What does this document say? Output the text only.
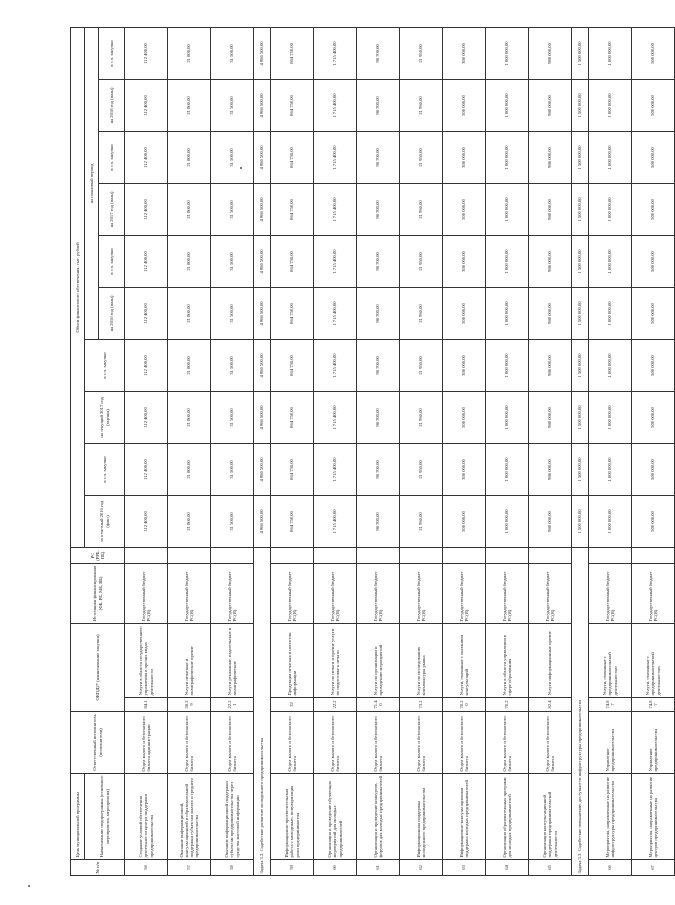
№ п/п	Цель муниципальной программы	Ответственный исполнитель (исполнители)	ОКПД2* (наименование закупки)		Источники финансирования (ФБ, РБ, МБ, ВБ)	РС (РРБ, ПБ)	Объем финансового обеспечения, тыс. рублей									
	Наименование подпрограммы (основного мероприятия, мероприятия)						за отчетный 2016 год (факт)	в т.ч. закупки	на текущий 2017 год (оценка)	в т.ч. закупки	на плановый период					
											на 2016 год (план)	в т.ч. закупки	на 2017 год (план)	в т.ч. закупки	на 2018 год (план)	в т.ч. закупки
56	Создание условий обеспечения деятельности центра поддержки предпринимательства	Отдел малого и безопасного бизнеса администрации	84.1	Услуги в области государственного управления в прочих видах деятельности	Государственный бюджет РС(Я)		112 400,00	112 400,00	112 400,00	112 400,00	112 400,00	112 400,00	112 400,00	112 400,00	112 400,00	112 400,00
57	Оказание информационной, консультационной и образовательной поддержки субъектам малого и среднего предпринимательства	Отдел малого и безопасного бизнеса	58.29	Услуги печатные и полиграфические прочие	Государственный бюджет РС(Я)		21 800,00	21 800,00	21 800,00	21 800,00	21 800,00	21 800,00	21 800,00	21 800,00	21 800,00	21 800,00
58	Оказание информационной поддержки субъектам предпринимательства через средства массовой информации	Отдел малого и безопасного бизнеса	22.21	Услуги рекламные, издательские и полиграфические	Государственный бюджет РС(Я)		31 500,00	31 500,00	31 500,00	31 500,00	31 500,00	31 500,00	31 500,00	31 500,00	31 500,00	31 500,00
Задача 3.2. Содействие развитию молодежного предпринимательства							4 986 500,00	4 986 500,00	4 986 500,00	4 986 500,00	4 986 500,00	4 986 500,00	4 986 500,00	4 986 500,00	4 986 500,00	4 986 500,00
59	Информационно-просветительская работа с молодежью, популяризация роли предпринимателя	Отдел малого и безопасного бизнеса	32	Продукция печатная и носители информации	Государственный бюджет РС(Я)		864 750,00	864 750,00	864 750,00	864 750,00	864 750,00	864 750,00	864 750,00	864 750,00	864 750,00	864 750,00
60	Организация и проведение обучающих мероприятий для молодых предпринимателей	Отдел малого и безопасного бизнеса	22.2	Услуги по печати и прочие услуги по подготовке к печати	Государственный бюджет РС(Я)		1 715 400,00	1 715 400,00	1 715 400,00	1 715 400,00	1 715 400,00	1 715 400,00	1 715 400,00	1 715 400,00	1 715 400,00	1 715 400,00
61	Организация и проведение конкурсов, форумов для молодых предпринимателей	Отдел малого и безопасного бизнеса	71.40	Услуги по организации и проведению мероприятий	Государственный бюджет РС(Я)		98 700,00	98 700,00	98 700,00	98 700,00	98 700,00	98 700,00	98 700,00	98 700,00	98 700,00	98 700,00
62	Информационная поддержка молодежного предпринимательства	Отдел малого и безопасного бизнеса	73.2	Услуги по исследованию конъюнктуры рынка	Государственный бюджет РС(Я)		21 950,00	21 950,00	21 950,00	21 950,00	21 950,00	21 950,00	21 950,00	21 950,00	21 950,00	21 950,00
63	Информационно-консультационная поддержка молодых предпринимателей	Отдел малого и безопасного бизнеса	70.20	Услуги, связанные с оказанием консультаций	Государственный бюджет РС(Я)		300 000,00	300 000,00	300 000,00	300 000,00	300 000,00	300 000,00	300 000,00	300 000,00	300 000,00	300 000,00
64	Организация образовательных программ для молодых предпринимателей	Отдел малого и безопасного бизнеса	70.2	Услуги в области управления в сфере образования	Государственный бюджет РС(Я)		1 000 000,00	1 000 000,00	1 000 000,00	1 000 000,00	1 000 000,00	1 000 000,00	1 000 000,00	1 000 000,00	1 000 000,00	1 000 000,00
65	Организация консультационной поддержки предпринимательской деятельности	Отдел малого и безопасного бизнеса	82.4	Услуги информационные прочие	Государственный бюджет РС(Я)		980 000,00	980 000,00	980 000,00	980 000,00	980 000,00	980 000,00	980 000,00	980 000,00	980 000,00	980 000,00
Задача 3.3. Содействие повышению доступности инфраструктуры предпринимательства							1 500 000,00	1 500 000,00	1 500 000,00	1 500 000,00	1 500 000,00	1 500 000,00	1 500 000,00	1 500 000,00	1 500 000,00	1 500 000,00
66	Мероприятия, направленные на развитие инфраструктуры предпринимательства	Управление предпринимательства	74.87	Услуги, связанные с предпринимательской деятельностью	Государственный бюджет РС(Я)		1 000 000,00	1 000 000,00	1 000 000,00	1 000 000,00	1 000 000,00	1 000 000,00	1 000 000,00	1 000 000,00	1 000 000,00	1 000 000,00
67	Мероприятия, направленные на развитие центров предпринимательства	Управление предпринимательства	74.87	Услуги, связанные с предпринимательской деятельностью	Государственный бюджет РС(Я)		500 000,00	500 000,00	500 000,00	500 000,00	500 000,00	500 000,00	500 000,00	500 000,00	500 000,00	500 000,00
